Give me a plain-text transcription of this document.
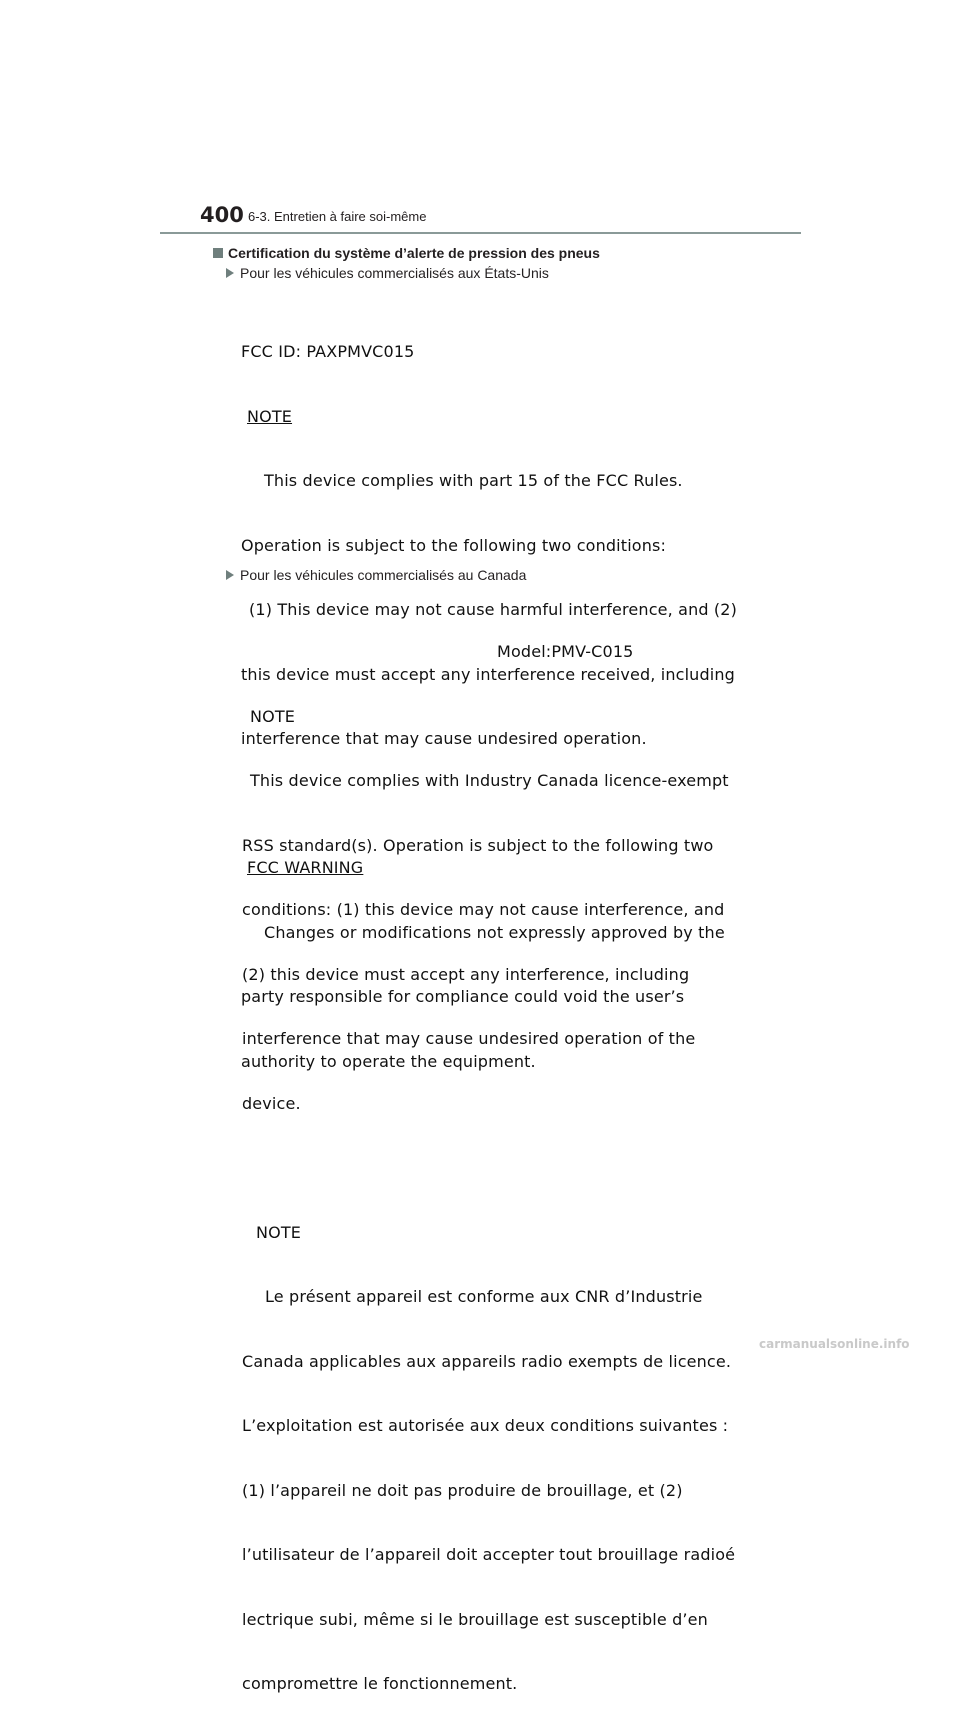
400 6-3. Entretien à faire soi-même
Certification du système d’alerte de pression des pneus
Pour les véhicules commercialisés aux États-Unis

FCC ID: PAXPMVC015

NOTE

This device complies with part 15 of the FCC Rules.

Operation is subject to the following two conditions:

(1) This device may not cause harmful interference, and (2)

this device must accept any interference received, including

interference that may cause undesired operation.

FCC WARNING

Changes or modifications not expressly approved by the

party responsible for compliance could void the user’s

authority to operate the equipment.

Pour les véhicules commercialisés au Canada

Model:PMV-C015

NOTE

This device complies with Industry Canada licence-exempt

RSS standard(s). Operation is subject to the following two

conditions: (1) this device may not cause interference, and

(2) this device must accept any interference, including

interference that may cause undesired operation of the

device.

NOTE

Le présent appareil est conforme aux CNR d’Industrie

Canada applicables aux appareils radio exempts de licence.

L’exploitation est autorisée aux deux conditions suivantes :

(1) l’appareil ne doit pas produire de brouillage, et (2)

l’utilisateur de l’appareil doit accepter tout brouillage radioé

lectrique subi, même si le brouillage est susceptible d’en

compromettre le fonctionnement.

carmanualsonline.info
